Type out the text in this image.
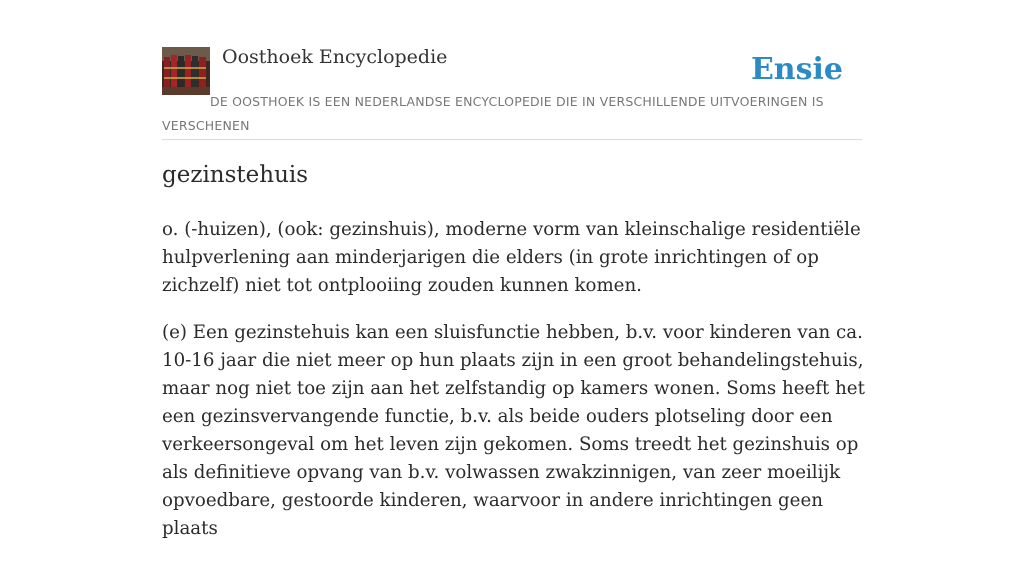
Oosthoek Encyclopedie	Ensie
DE OOSTHOEK IS EEN NEDERLANDSE ENCYCLOPEDIE DIE IN VERSCHILLENDE UITVOERINGEN IS VERSCHENEN
gezinstehuis

o. (-huizen), (ook: gezinshuis), moderne vorm van kleinschalige residentiële hulpverlening aan minderjarigen die elders (in grote inrichtingen of op zichzelf) niet tot ontplooiing zouden kunnen komen.

(e) Een gezinstehuis kan een sluisfunctie hebben, b.v. voor kinderen van ca. 10-16 jaar die niet meer op hun plaats zijn in een groot behandelingstehuis, maar nog niet toe zijn aan het zelfstandig op kamers wonen. Soms heeft het een gezinsvervangende functie, b.v. als beide ouders plotseling door een verkeersongeval om het leven zijn gekomen. Soms treedt het gezinshuis op als definitieve opvang van b.v. volwassen zwakzinnigen, van zeer moeilijk opvoedbare, gestoorde kinderen, waarvoor in andere inrichtingen geen plaats
